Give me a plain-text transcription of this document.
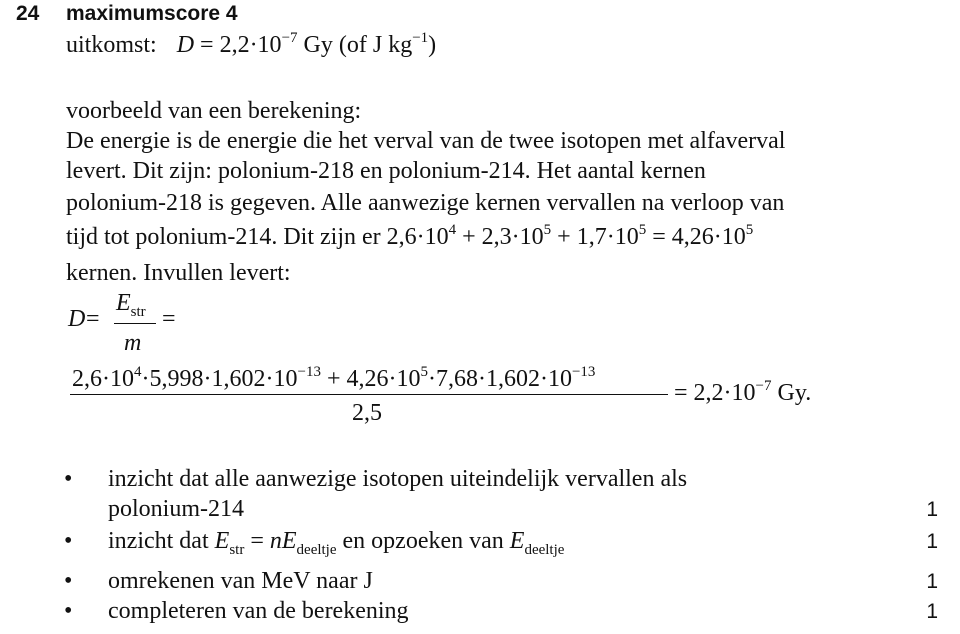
24 maximumscore 4
uitkomst: $D = 2,2\cdot 10^{-7}$ Gy (of J $kg^{-1}$)
voorbeeld van een berekening:
De energie is de energie die het verval van de twee isotopen met alfaverval
levert. Dit zijn: polonium-218 en polonium-214. Het aantal kernen
polonium-218 is gegeven. Alle aanwezige kernen vervallen na verloop van
tijd tot polonium-214. Dit zijn er $2,6\cdot 10^4 + 2,3\cdot 10^5 + 1,7\cdot 10^5 = 4,26\cdot 10^5$
kernen. Invullen levert:
D =
$E_{str}$
m
=
$2,6\cdot 10^4\cdot 5,998\cdot 1,602\cdot 10^{-13} + 4,26\cdot 10^5\cdot 7,68\cdot 1,602\cdot 10^{-13}$
2,5
= $2,2\cdot 10^{-7}$ Gy.
• inzicht dat alle aanwezige isotopen uiteindelijk vervallen als
polonium-214	1
• inzicht dat $E_{str} = nE_{deeltje}$ en opzoeken van $E_{deeltje}$	1
• omrekenen van MeV naar J	1
• completeren van de berekening	1
